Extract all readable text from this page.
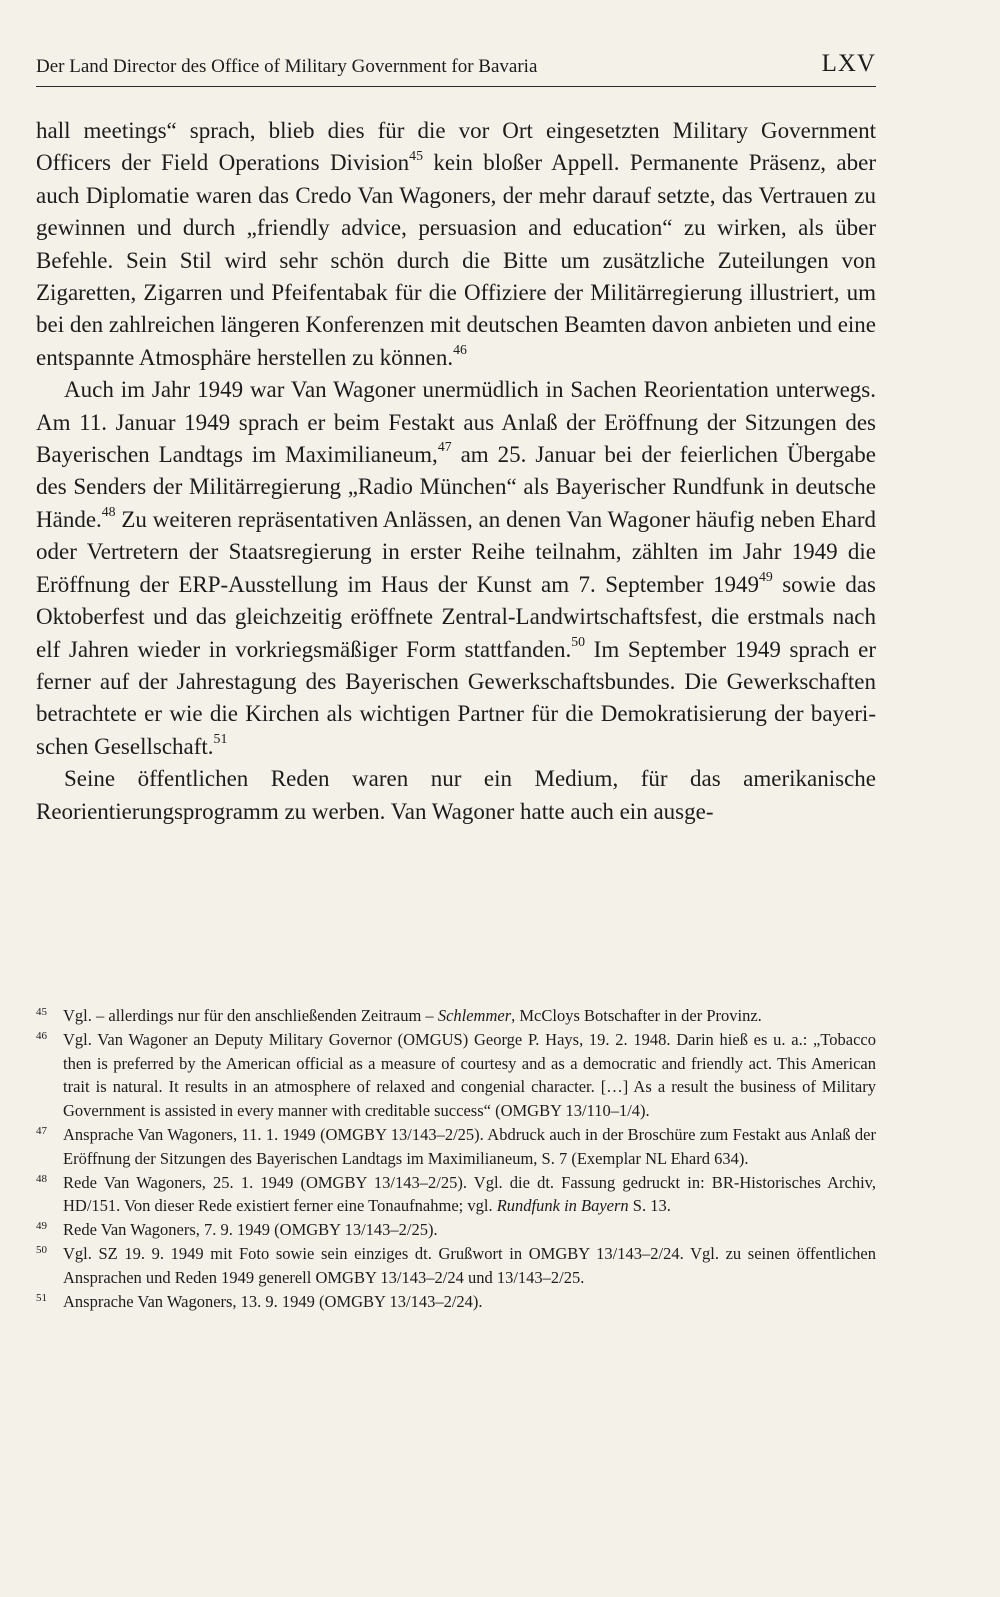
Der Land Director des Office of Military Government for Bavaria	LXV

hall meetings“ sprach, blieb dies für die vor Ort eingesetzten Military Government Officers der Field Operations Division$^{45}$ kein bloßer Appell. Permanente Präsenz, aber auch Diplomatie waren das Credo Van Wagoners, der mehr darauf setzte, das Vertrauen zu gewinnen und durch „friendly advice, persuasion and education“ zu wirken, als über Befehle. Sein Stil wird sehr schön durch die Bitte um zusätzliche Zuteilungen von Zigaretten, Zigarren und Pfeifentabak für die Offiziere der Militärregierung illustriert, um bei den zahlreichen längeren Konferenzen mit deutschen Beamten davon anbieten und eine entspannte Atmosphäre herstellen zu können.$^{46}$

Auch im Jahr 1949 war Van Wagoner unermüdlich in Sachen Reorientation unterwegs. Am 11. Januar 1949 sprach er beim Festakt aus Anlaß der Eröffnung der Sitzungen des Bayerischen Landtags im Maximilianeum,$^{47}$ am 25. Januar bei der feierlichen Übergabe des Senders der Militärregierung „Radio München“ als Bayerischer Rundfunk in deutsche Hände.$^{48}$ Zu weiteren repräsentativen Anlässen, an denen Van Wagoner häufig neben Ehard oder Vertretern der Staatsregierung in erster Reihe teilnahm, zählten im Jahr 1949 die Eröffnung der ERP-Ausstellung im Haus der Kunst am 7. September 1949$^{49}$ sowie das Oktoberfest und das gleichzeitig eröffnete Zentral-Landwirtschaftsfest, die erstmals nach elf Jahren wieder in vorkriegsmäßiger Form stattfanden.$^{50}$ Im September 1949 sprach er ferner auf der Jahrestagung des Bayerischen Gewerkschaftsbundes. Die Gewerkschaften betrachtete er wie die Kirchen als wichtigen Partner für die Demokratisierung der bayerischen Gesellschaft.$^{51}$

Seine öffentlichen Reden waren nur ein Medium, für das amerikanische Reorientierungsprogramm zu werben. Van Wagoner hatte auch ein ausge-

45 Vgl. – allerdings nur für den anschließenden Zeitraum – Schlemmer, McCloys Botschafter in der Provinz.
46 Vgl. Van Wagoner an Deputy Military Governor (OMGUS) George P. Hays, 19. 2. 1948. Darin hieß es u. a.: „Tobacco then is preferred by the American official as a measure of courtesy and as a democratic and friendly act. This American trait is natural. It results in an atmosphere of relaxed and congenial character. […] As a result the business of Military Government is assisted in every manner with creditable success“ (OMGBY 13/110–1/4).
47 Ansprache Van Wagoners, 11. 1. 1949 (OMGBY 13/143–2/25). Abdruck auch in der Broschüre zum Festakt aus Anlaß der Eröffnung der Sitzungen des Bayerischen Landtags im Maximilianeum, S. 7 (Exemplar NL Ehard 634).
48 Rede Van Wagoners, 25. 1. 1949 (OMGBY 13/143–2/25). Vgl. die dt. Fassung gedruckt in: BR-Historisches Archiv, HD/151. Von dieser Rede existiert ferner eine Tonaufnahme; vgl. Rundfunk in Bayern S. 13.
49 Rede Van Wagoners, 7. 9. 1949 (OMGBY 13/143–2/25).
50 Vgl. SZ 19. 9. 1949 mit Foto sowie sein einziges dt. Grußwort in OMGBY 13/143–2/24. Vgl. zu seinen öffentlichen Ansprachen und Reden 1949 generell OMGBY 13/143–2/24 und 13/143–2/25.
51 Ansprache Van Wagoners, 13. 9. 1949 (OMGBY 13/143–2/24).
